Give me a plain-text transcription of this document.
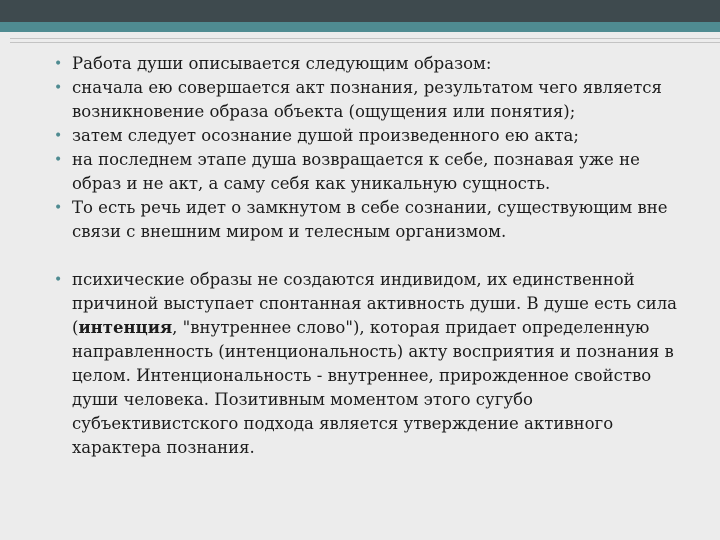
• Работа души описывается следующим образом:
• сначала ею совершается акт познания, результатом чего является возникновение образа объекта (ощущения или понятия);
• затем следует осознание душой произведенного ею акта;
• на последнем этапе душа возвращается к себе, познавая уже не образ и не акт, а саму себя как уникальную сущность.
• То есть речь идет о замкнутом в себе сознании, существующим вне связи с внешним миром и телесным организмом.
• психические образы не создаются индивидом, их единственной причиной выступает спонтанная активность души. В душе есть сила (интенция, "внутреннее слово"), которая придает определенную направленность (интенциональность) акту восприятия и познания в целом. Интенциональность - внутреннее, прирожденное свойство души человека. Позитивным моментом этого сугубо субъективистского подхода является утверждение активного характера познания.
